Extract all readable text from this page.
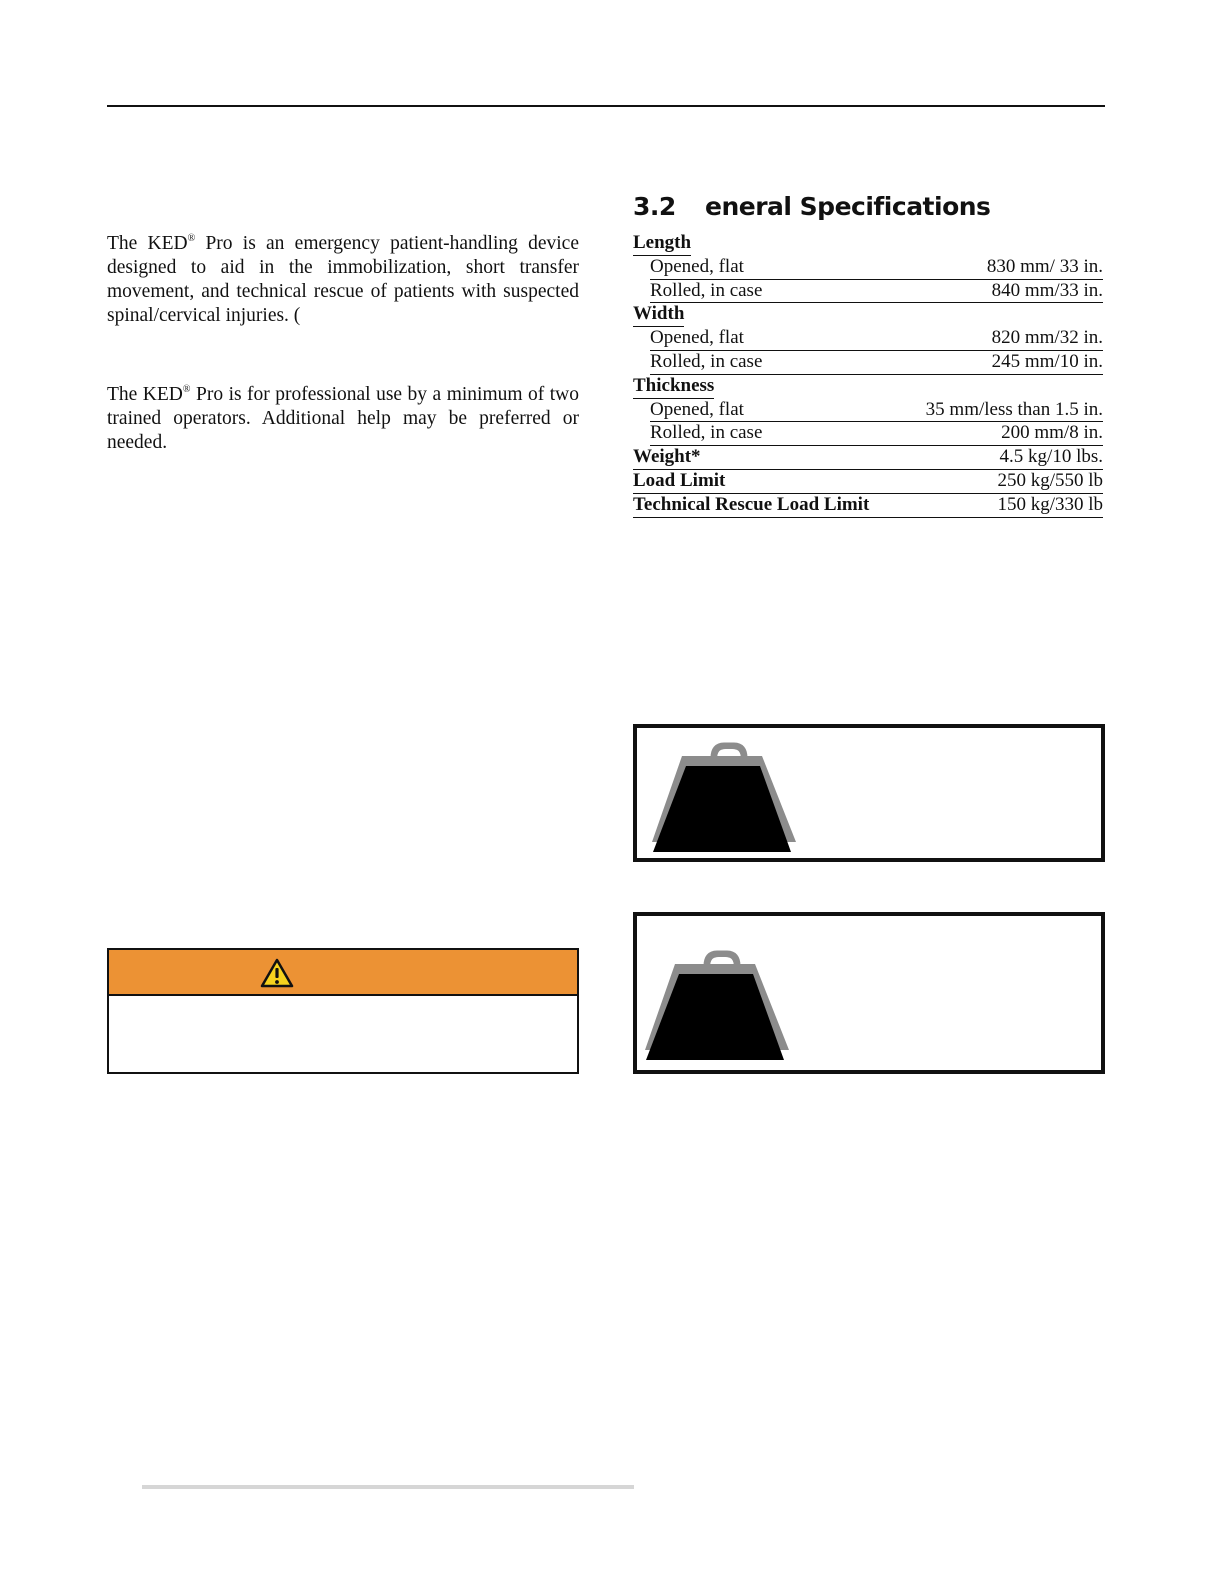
The KED® Pro is an emergency patient-handling device designed to aid in the immobilization, short transfer movement, and technical rescue of patients with suspected spinal/cervical injuries. (

The KED® Pro is for professional use by a minimum of two trained operators. Additional help may be preferred or needed.

3.2 eneral Specifications
Length
Opened, flat	830 mm/ 33 in.
Rolled, in case	840 mm/33 in.
Width
Opened, flat	820 mm/32 in.
Rolled, in case	245 mm/10 in.
Thickness
Opened, flat	35 mm/less than 1.5 in.
Rolled, in case	200 mm/8 in.
Weight*	4.5 kg/10 lbs.
Load Limit	250 kg/550 lb
Technical Rescue Load Limit	150 kg/330 lb
